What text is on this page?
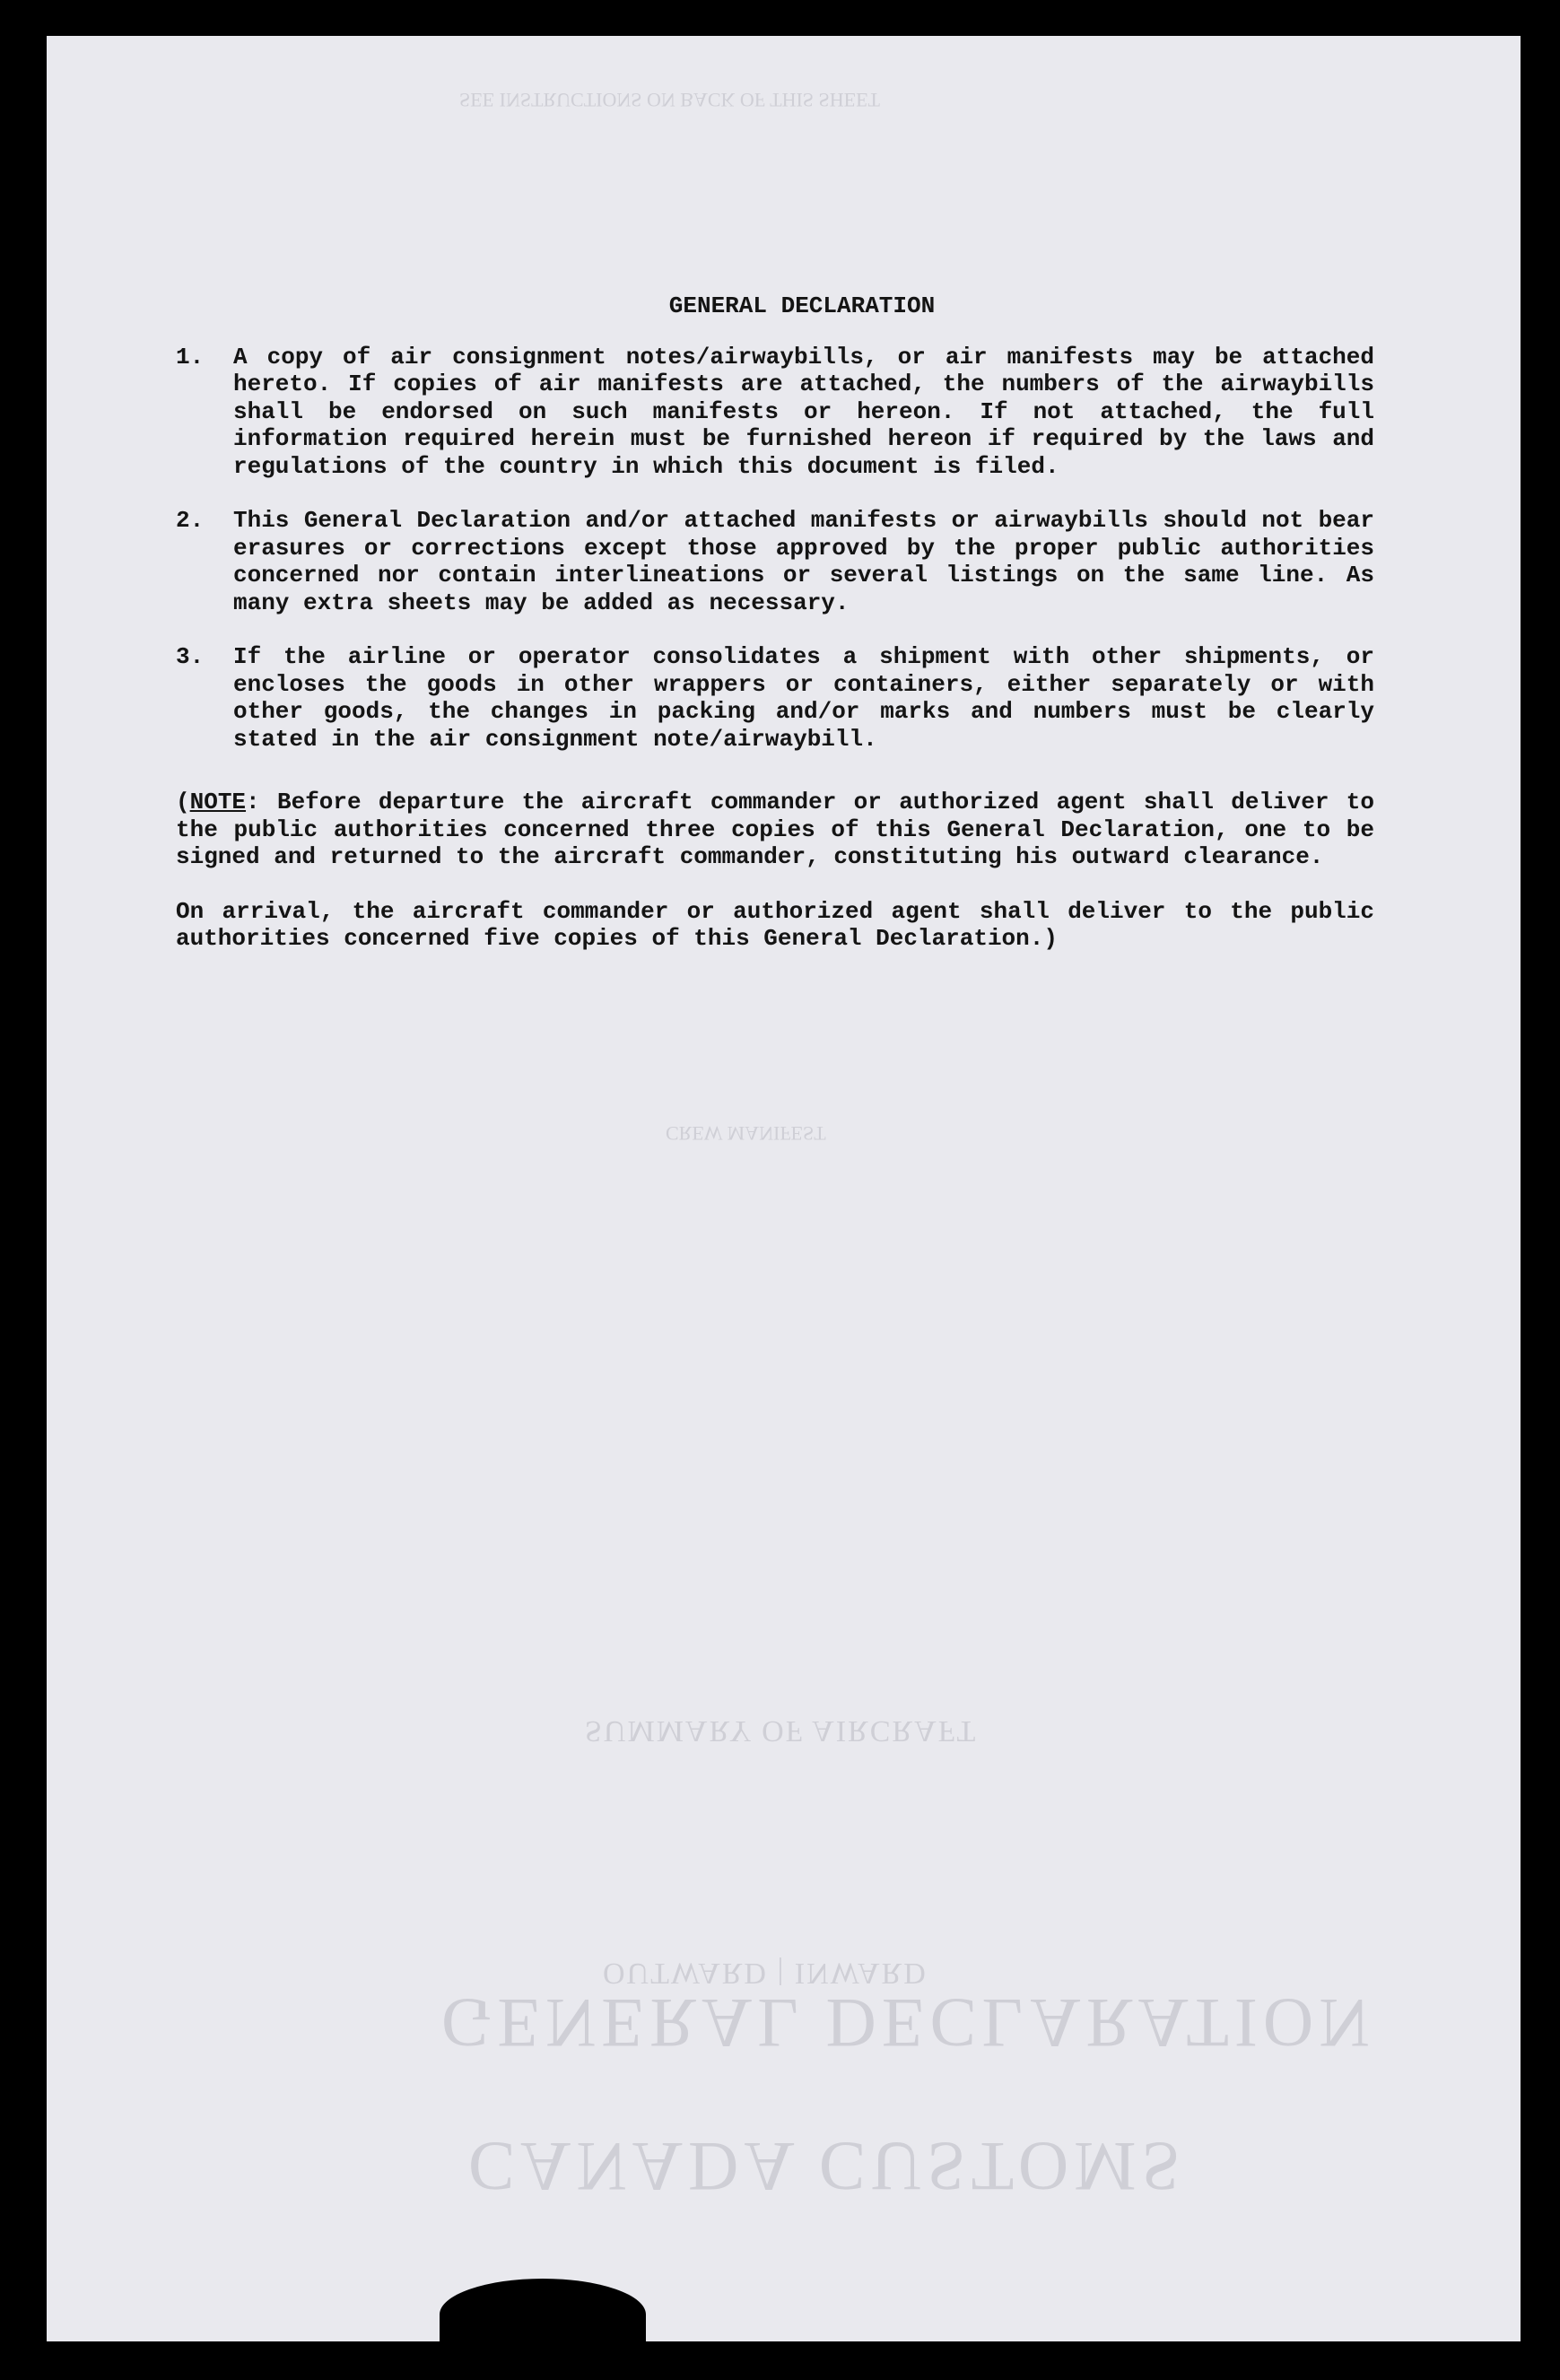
SEE INSTRUCTIONS ON BACK OF THIS SHEET
CREW MANIFEST
SUMMARY OF AIRCRAFT
OUTWARD | INWARD
GENERAL DECLARATION
CANADA CUSTOMS
GENERAL DECLARATION
1.	A copy of air consignment notes/airwaybills, or air manifests may be attached hereto. If copies of air manifests are attached, the numbers of the airwaybills shall be endorsed on such manifests or hereon. If not attached, the full information required herein must be furnished hereon if required by the laws and regulations of the country in which this document is filed.

2.	This General Declaration and/or attached manifests or airwaybills should not bear erasures or corrections except those approved by the proper public authorities concerned nor contain interlineations or several listings on the same line. As many extra sheets may be added as necessary.

3.	If the airline or operator consolidates a shipment with other shipments, or encloses the goods in other wrappers or containers, either separately or with other goods, the changes in packing and/or marks and numbers must be clearly stated in the air consignment note/airwaybill.

(NOTE: Before departure the aircraft commander or authorized agent shall deliver to the public authorities concerned three copies of this General Declaration, one to be signed and returned to the aircraft commander, constituting his outward clearance.

On arrival, the aircraft commander or authorized agent shall deliver to the public authorities concerned five copies of this General Declaration.)
